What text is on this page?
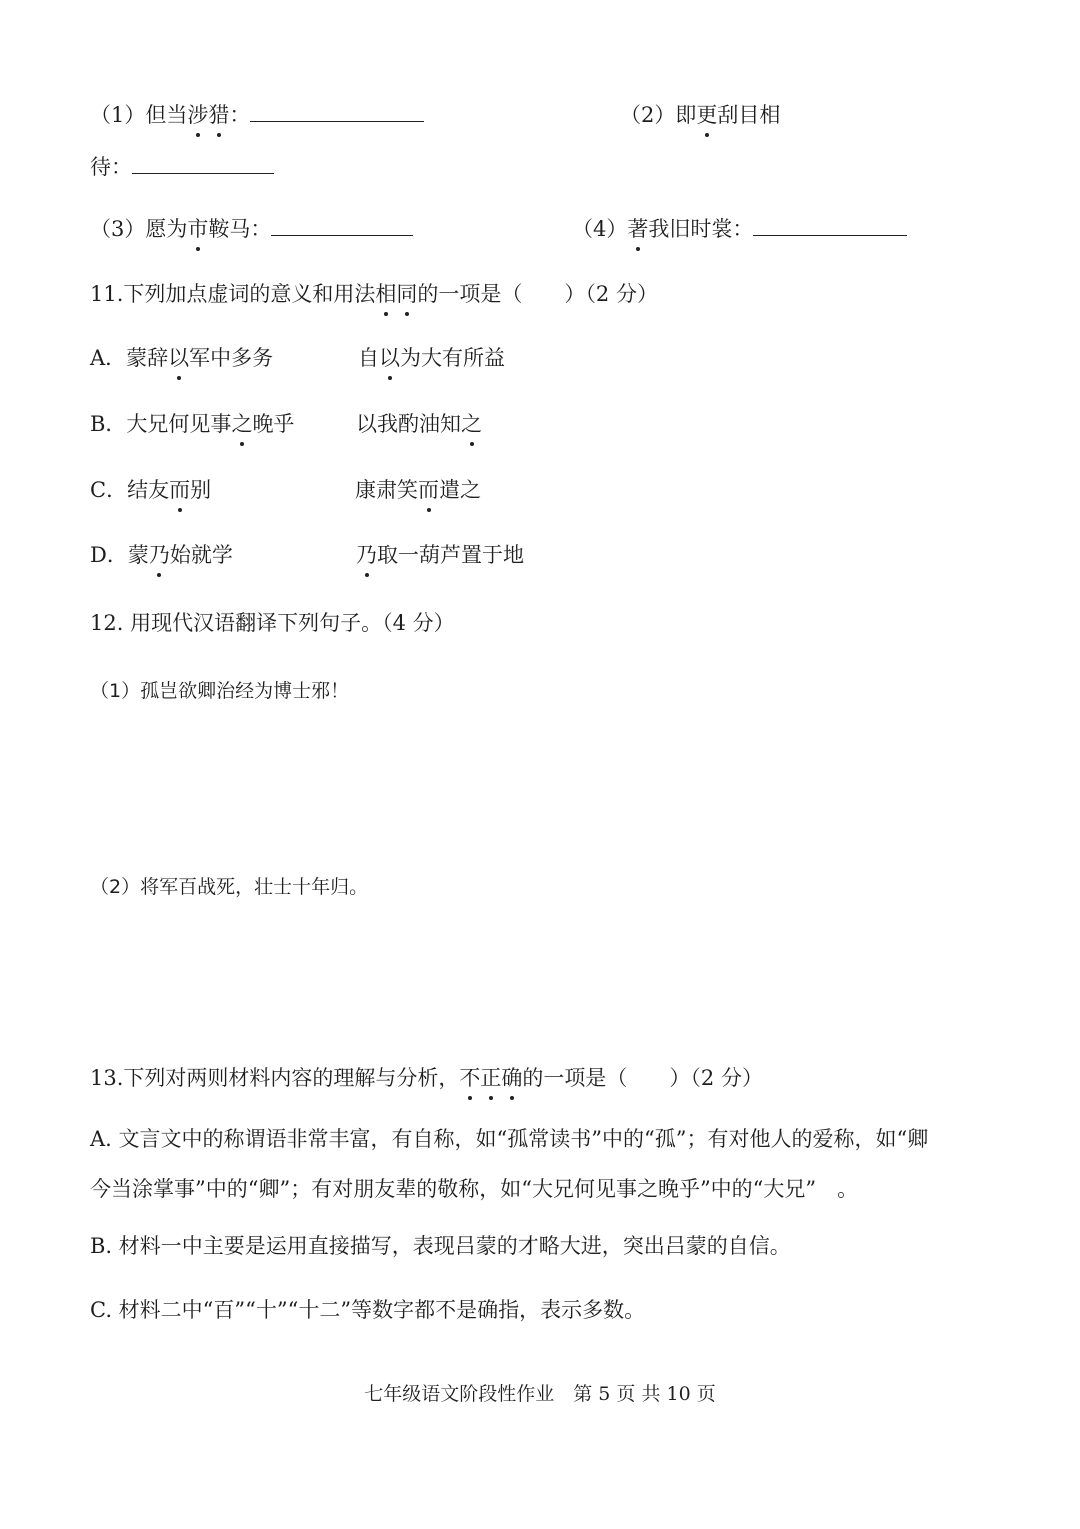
（1）但当涉猎：	（2）即更刮目相
待：
（3）愿为市鞍马：	（4）著我旧时裳：
11.下列加点虚词的意义和用法相同的一项是（　　）（2 分）
A．蒙辞以军中多务	自以为大有所益
B．大兄何见事之晚乎	以我酌油知之
C．结友而别	康肃笑而遣之
D．蒙乃始就学	乃取一葫芦置于地
12. 用现代汉语翻译下列句子。（4 分）
（1）孤岂欲卿治经为博士邪！
（2）将军百战死，壮士十年归。
13.下列对两则材料内容的理解与分析，不正确的一项是（　　）（2 分）
A. 文言文中的称谓语非常丰富，有自称，如“孤常读书”中的“孤”；有对他人的爱称，如“卿
今当涂掌事”中的“卿”；有对朋友辈的敬称，如“大兄何见事之晚乎”中的“大兄”　。
B. 材料一中主要是运用直接描写，表现吕蒙的才略大进，突出吕蒙的自信。
C. 材料二中“百”“十”“十二”等数字都不是确指，表示多数。
七年级语文阶段性作业　第 5 页 共 10 页
